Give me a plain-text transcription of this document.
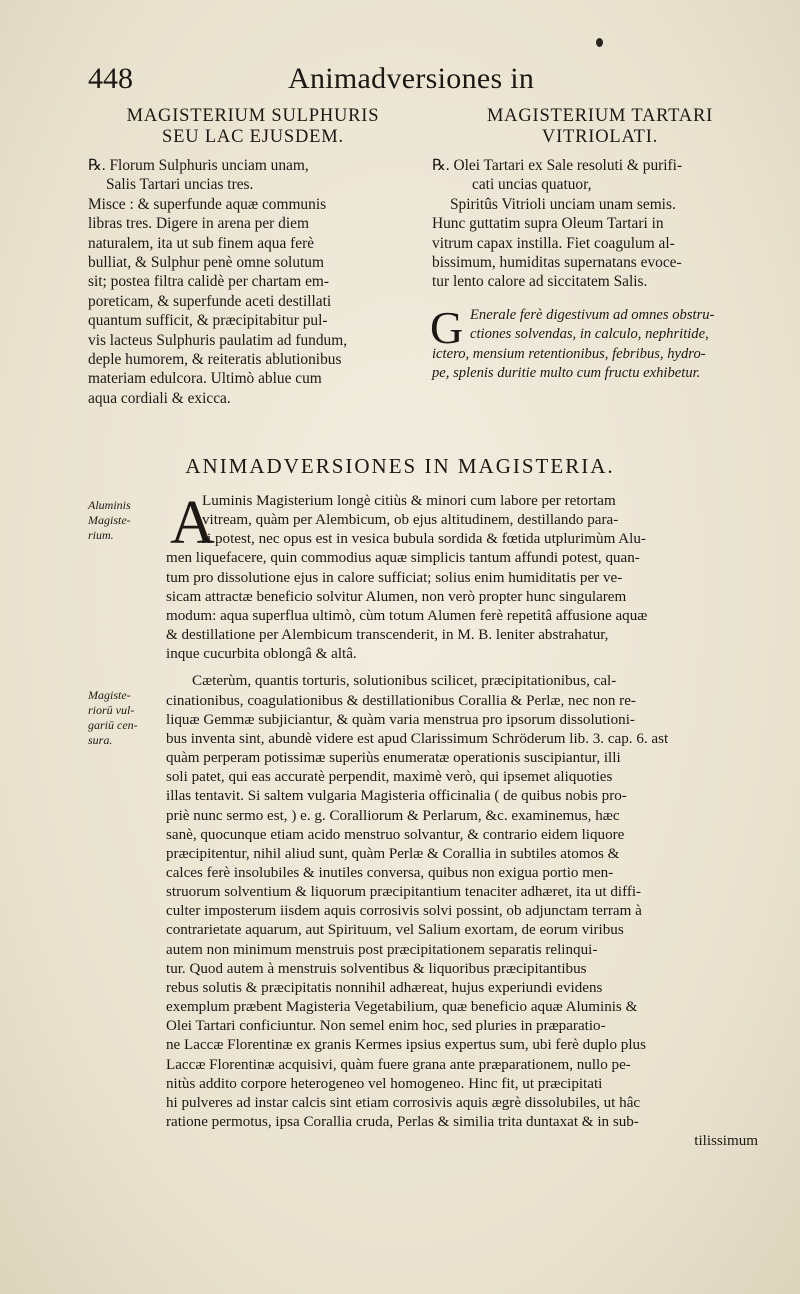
448	Animadversiones in
MAGISTERIUM SULPHURIS
SEU LAC EJUSDEM.
℞. Florum Sulphuris unciam unam,
Salis Tartari uncias tres.
Misce : & superfunde aquæ communis
libras tres. Digere in arena per diem
naturalem, ita ut sub finem aqua ferè
bulliat, & Sulphur penè omne solutum
sit; postea filtra calidè per chartam em-
poreticam, & superfunde aceti destillati
quantum sufficit, & præcipitabitur pul-
vis lacteus Sulphuris paulatim ad fundum,
deple humorem, & reiteratis ablutionibus
materiam edulcora. Ultimò ablue cum
aqua cordiali & exicca.
MAGISTERIUM TARTARI
VITRIOLATI.
℞. Olei Tartari ex Sale resoluti & purifi-
cati uncias quatuor,
Spiritûs Vitrioli unciam unam semis.
Hunc guttatim supra Oleum Tartari in
vitrum capax instilla. Fiet coagulum al-
bissimum, humiditas supernatans evoce-
tur lento calore ad siccitatem Salis.
G Enerale ferè digestivum ad omnes obstru-
ctiones solvendas, in calculo, nephritide,
ictero, mensium retentionibus, febribus, hydro-
pe, splenis duritie multo cum fructu exhibetur.
ANIMADVERSIONES IN MAGISTERIA.
Aluminis
Magiste-
rium.
Magiste-
riorū vul-
gariū cen-
sura.
A
Luminis Magisterium longè citiùs & minori cum labore per retortam
vitream, quàm per Alembicum, ob ejus altitudinem, destillando para-
ri potest, nec opus est in vesica bubula sordida & fœtida utplurimùm Alu-
men liquefacere, quin commodius aquæ simplicis tantum affundi potest, quan-
tum pro dissolutione ejus in calore sufficiat; solius enim humiditatis per ve-
sicam attractæ beneficio solvitur Alumen, non verò propter hunc singularem
modum: aqua superflua ultimò, cùm totum Alumen ferè repetitâ affusione aquæ
& destillatione per Alembicum transcenderit, in M. B. leniter abstrahatur,
inque cucurbita oblongâ & altâ.
Cæterùm, quantis torturis, solutionibus scilicet, præcipitationibus, cal-
cinationibus, coagulationibus & destillationibus Corallia & Perlæ, nec non re-
liquæ Gemmæ subjiciantur, & quàm varia menstrua pro ipsorum dissolutioni-
bus inventa sint, abundè videre est apud Clarissimum Schröderum lib. 3. cap. 6. ast
quàm perperam potissimæ superiùs enumeratæ operationis suscipiantur, illi
soli patet, qui eas accuratè perpendit, maximè verò, qui ipsemet aliquoties
illas tentavit. Si saltem vulgaria Magisteria officinalia ( de quibus nobis pro-
priè nunc sermo est, ) e. g. Coralliorum & Perlarum, &c. examinemus, hæc
sanè, quocunque etiam acido menstruo solvantur, & contrario eidem liquore
præcipitentur, nihil aliud sunt, quàm Perlæ & Corallia in subtiles atomos &
calces ferè insolubiles & inutiles conversa, quibus non exigua portio men-
struorum solventium & liquorum præcipitantium tenaciter adhæret, ita ut diffi-
culter imposterum iisdem aquis corrosivis solvi possint, ob adjunctam terram à
contrarietate aquarum, aut Spirituum, vel Salium exortam, de eorum viribus
autem non minimum menstruis post præcipitationem separatis relinqui-
tur. Quod autem à menstruis solventibus & liquoribus præcipitantibus
rebus solutis & præcipitatis nonnihil adhæreat, hujus experiundi evidens
exemplum præbent Magisteria Vegetabilium, quæ beneficio aquæ Aluminis &
Olei Tartari conficiuntur. Non semel enim hoc, sed pluries in præparatio-
ne Laccæ Florentinæ ex granis Kermes ipsius expertus sum, ubi ferè duplo plus
Laccæ Florentinæ acquisivi, quàm fuere grana ante præparationem, nullo pe-
nitùs addito corpore heterogeneo vel homogeneo. Hinc fit, ut præcipitati
hi pulveres ad instar calcis sint etiam corrosivis aquis ægrè dissolubiles, ut hâc
ratione permotus, ipsa Corallia cruda, Perlas & similia trita duntaxat & in sub-
tilissimum
